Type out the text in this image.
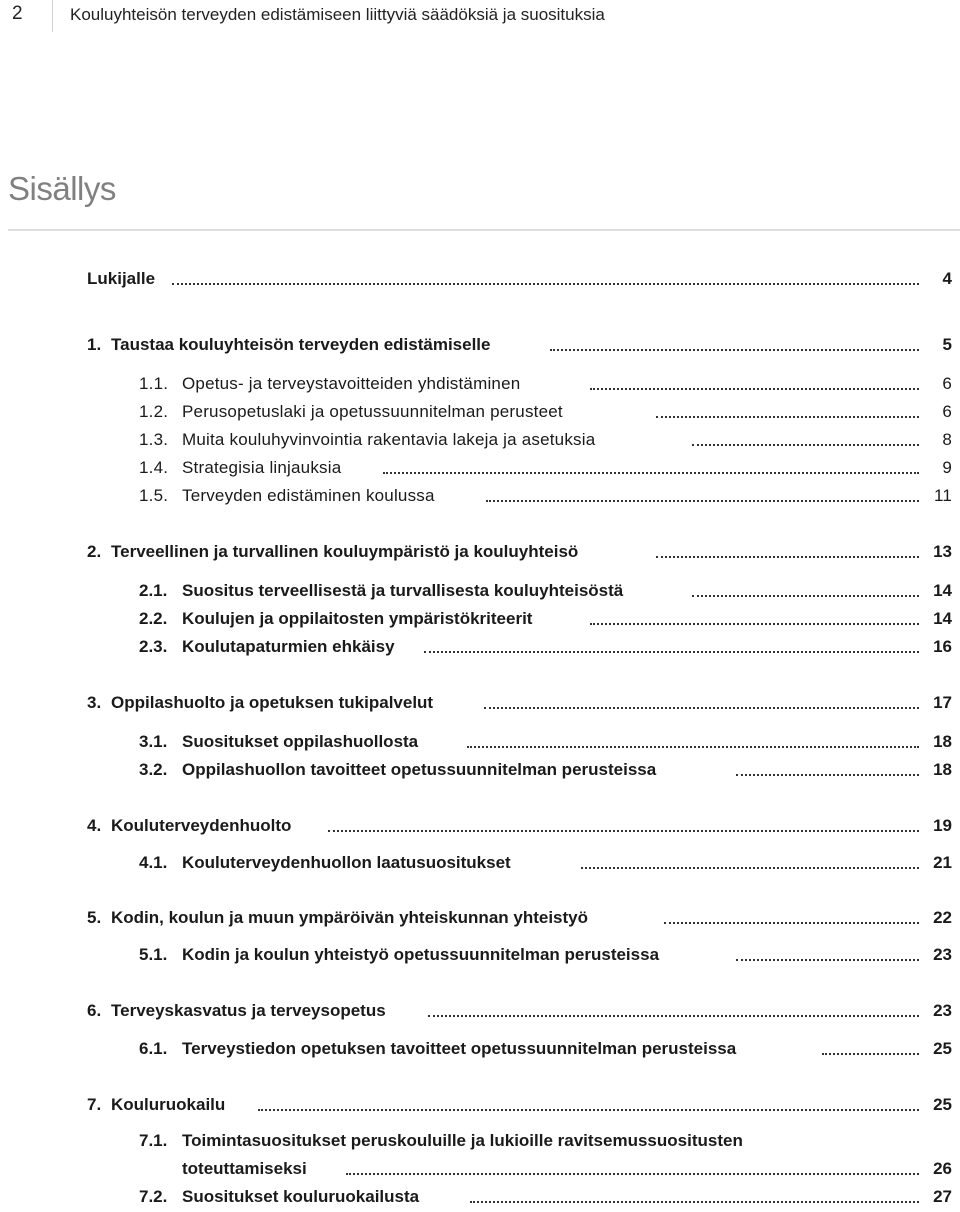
2	Kouluyhteisön terveyden edistämiseen liittyviä säädöksiä ja suosituksia
Sisällys
Lukijalle	4
1. Taustaa kouluyhteisön terveyden edistämiselle	5
1.1. Opetus- ja terveystavoitteiden yhdistäminen	6
1.2. Perusopetuslaki ja opetussuunnitelman perusteet	6
1.3. Muita kouluhyvinvointia rakentavia lakeja ja asetuksia	8
1.4. Strategisia linjauksia	9
1.5. Terveyden edistäminen koulussa	11
2. Terveellinen ja turvallinen kouluympäristö ja kouluyhteisö	13
2.1. Suositus terveellisestä ja turvallisesta kouluyhteisöstä	14
2.2. Koulujen ja oppilaitosten ympäristökriteerit	14
2.3. Koulutapaturmien ehkäisy	16
3. Oppilashuolto ja opetuksen tukipalvelut	17
3.1. Suositukset oppilashuollosta	18
3.2. Oppilashuollon tavoitteet opetussuunnitelman perusteissa	18
4. Kouluterveydenhuolto	19
4.1. Kouluterveydenhuollon laatusuositukset	21
5. Kodin, koulun ja muun ympäröivän yhteiskunnan yhteistyö	22
5.1. Kodin ja koulun yhteistyö opetussuunnitelman perusteissa	23
6. Terveyskasvatus ja terveysopetus	23
6.1. Terveystiedon opetuksen tavoitteet opetussuunnitelman perusteissa	25
7. Kouluruokailu	25
7.1. Toimintasuositukset peruskouluille ja lukioille ravitsemussuositusten
toteuttamiseksi	26
7.2. Suositukset kouluruokailusta	27
